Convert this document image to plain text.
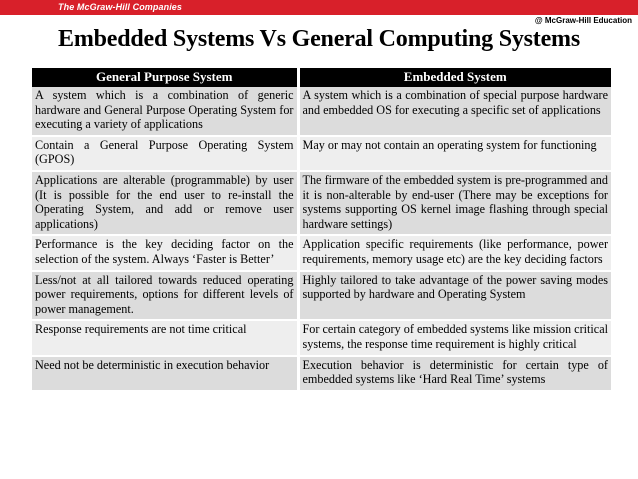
The McGraw-Hill Companies
@ McGraw-Hill Education
Embedded Systems Vs General Computing Systems
General Purpose System	Embedded System
A system which is a combination of generic hardware and General Purpose Operating System for executing a variety of applications	A system which is a combination of special purpose hardware and embedded OS for executing a specific set of applications
Contain a General Purpose Operating System (GPOS)	May or may not contain an operating system for functioning
Applications are alterable (programmable) by user (It is possible for the end user to re-install the Operating System, and add or remove user applications)	The firmware of the embedded system is pre-programmed and it is non-alterable by end-user (There may be exceptions for systems supporting OS kernel image flashing through special hardware settings)
Performance is the key deciding factor on the selection of the system. Always ‘Faster is Better’	Application specific requirements (like performance, power requirements, memory usage etc) are the key deciding factors
Less/not at all tailored towards reduced operating power requirements, options for different levels of power management.	Highly tailored to take advantage of the power saving modes supported by hardware and Operating System
Response requirements are not time critical	For certain category of embedded systems like mission critical systems, the response time requirement is highly critical
Need not be deterministic in execution behavior	Execution behavior is deterministic for certain type of embedded systems like ‘Hard Real Time’ systems
